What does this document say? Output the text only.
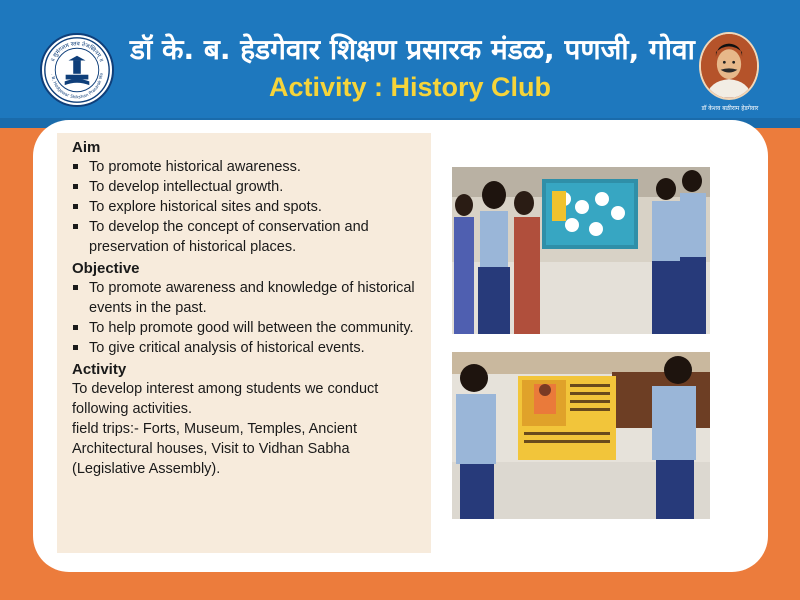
॥ सुमंगलम स्‍तव तेजस्विनम् ॥
. B. Hedgewar Shikshan Prasarak Ma
डॉ के. ब. हेडगेवार शिक्षण प्रसारक मंडळ, पणजी, गोवा
Activity : History Club
डॉ केशव बळीराम हेडगेवार
Aim
To promote historical awareness.
To develop intellectual growth.
To explore historical sites and spots.
To develop the concept of conservation and preservation of historical places.
Objective
To promote awareness and knowledge of historical events in the past.
To help promote good will between the community.
To give critical analysis of historical events.
Activity

To develop interest among students we conduct following activities.

field trips:- Forts, Museum, Temples, Ancient Architectural houses, Visit to Vidhan Sabha (Legislative Assembly).
